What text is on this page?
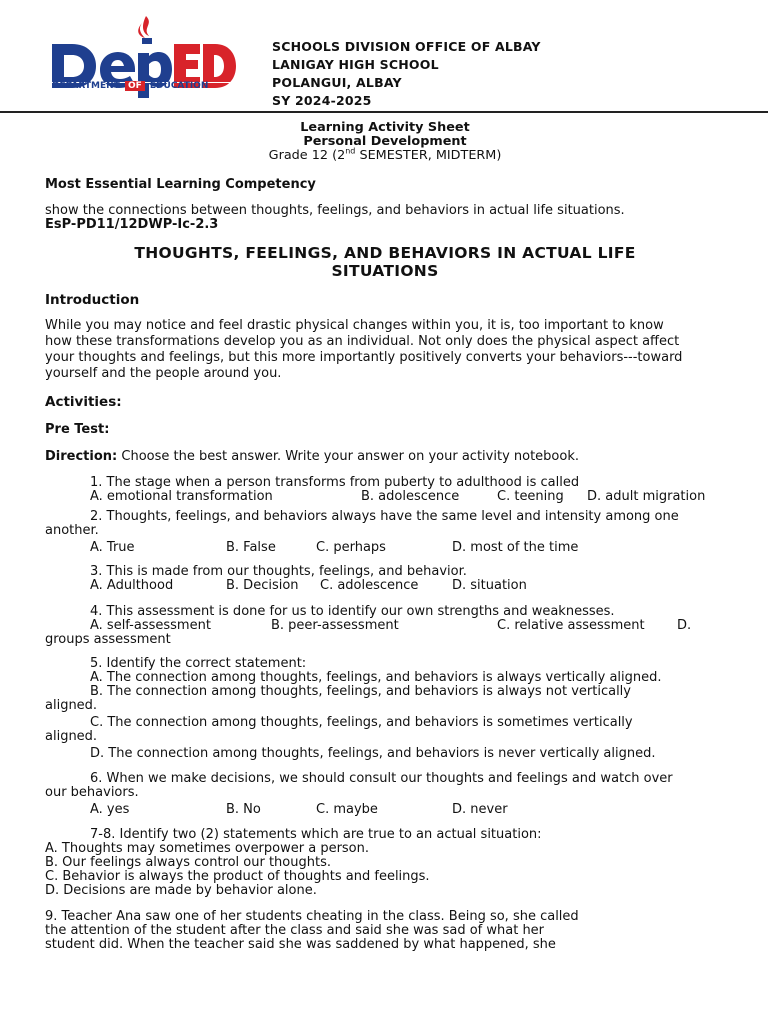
DEPARTMENT OF EDUCATION
SCHOOLS DIVISION OFFICE OF ALBAY
LANIGAY HIGH SCHOOL
POLANGUI, ALBAY
SY 2024-2025
Learning Activity Sheet
Personal Development
Grade 12 (2nd SEMESTER, MIDTERM)
Most Essential Learning Competency
show the connections between thoughts, feelings, and behaviors in actual life situations.
EsP-PD11/12DWP-Ic-2.3
THOUGHTS, FEELINGS, AND BEHAVIORS IN ACTUAL LIFE
SITUATIONS
Introduction
While you may notice and feel drastic physical changes within you, it is, too important to know
how these transformations develop you as an individual. Not only does the physical aspect affect
your thoughts and feelings, but this more importantly positively converts your behaviors---toward
yourself and the people around you.
Activities:
Pre Test:
Direction: Choose the best answer. Write your answer on your activity notebook.
1. The stage when a person transforms from puberty to adulthood is called
A. emotional transformation	B. adolescence	C. teening D. adult migration
2. Thoughts, feelings, and behaviors always have the same level and intensity among one
another.
A. True	B. False	C. perhaps	D. most of the time
3. This is made from our thoughts, feelings, and behavior.
A. Adulthood	B. Decision C. adolescence	D. situation
4. This assessment is done for us to identify our own strengths and weaknesses.
A. self-assessment	B. peer-assessment	C. relative assessment D.
groups assessment
5. Identify the correct statement:
A. The connection among thoughts, feelings, and behaviors is always vertically aligned.
B. The connection among thoughts, feelings, and behaviors is always not vertically
aligned.
C. The connection among thoughts, feelings, and behaviors is sometimes vertically
aligned.
D. The connection among thoughts, feelings, and behaviors is never vertically aligned.
6. When we make decisions, we should consult our thoughts and feelings and watch over
our behaviors.
A. yes	B. No	C. maybe	D. never
7-8. Identify two (2) statements which are true to an actual situation:
A. Thoughts may sometimes overpower a person.
B. Our feelings always control our thoughts.
C. Behavior is always the product of thoughts and feelings.
D. Decisions are made by behavior alone.
9. Teacher Ana saw one of her students cheating in the class. Being so, she called
the attention of the student after the class and said she was sad of what her
student did. When the teacher said she was saddened by what happened, she
